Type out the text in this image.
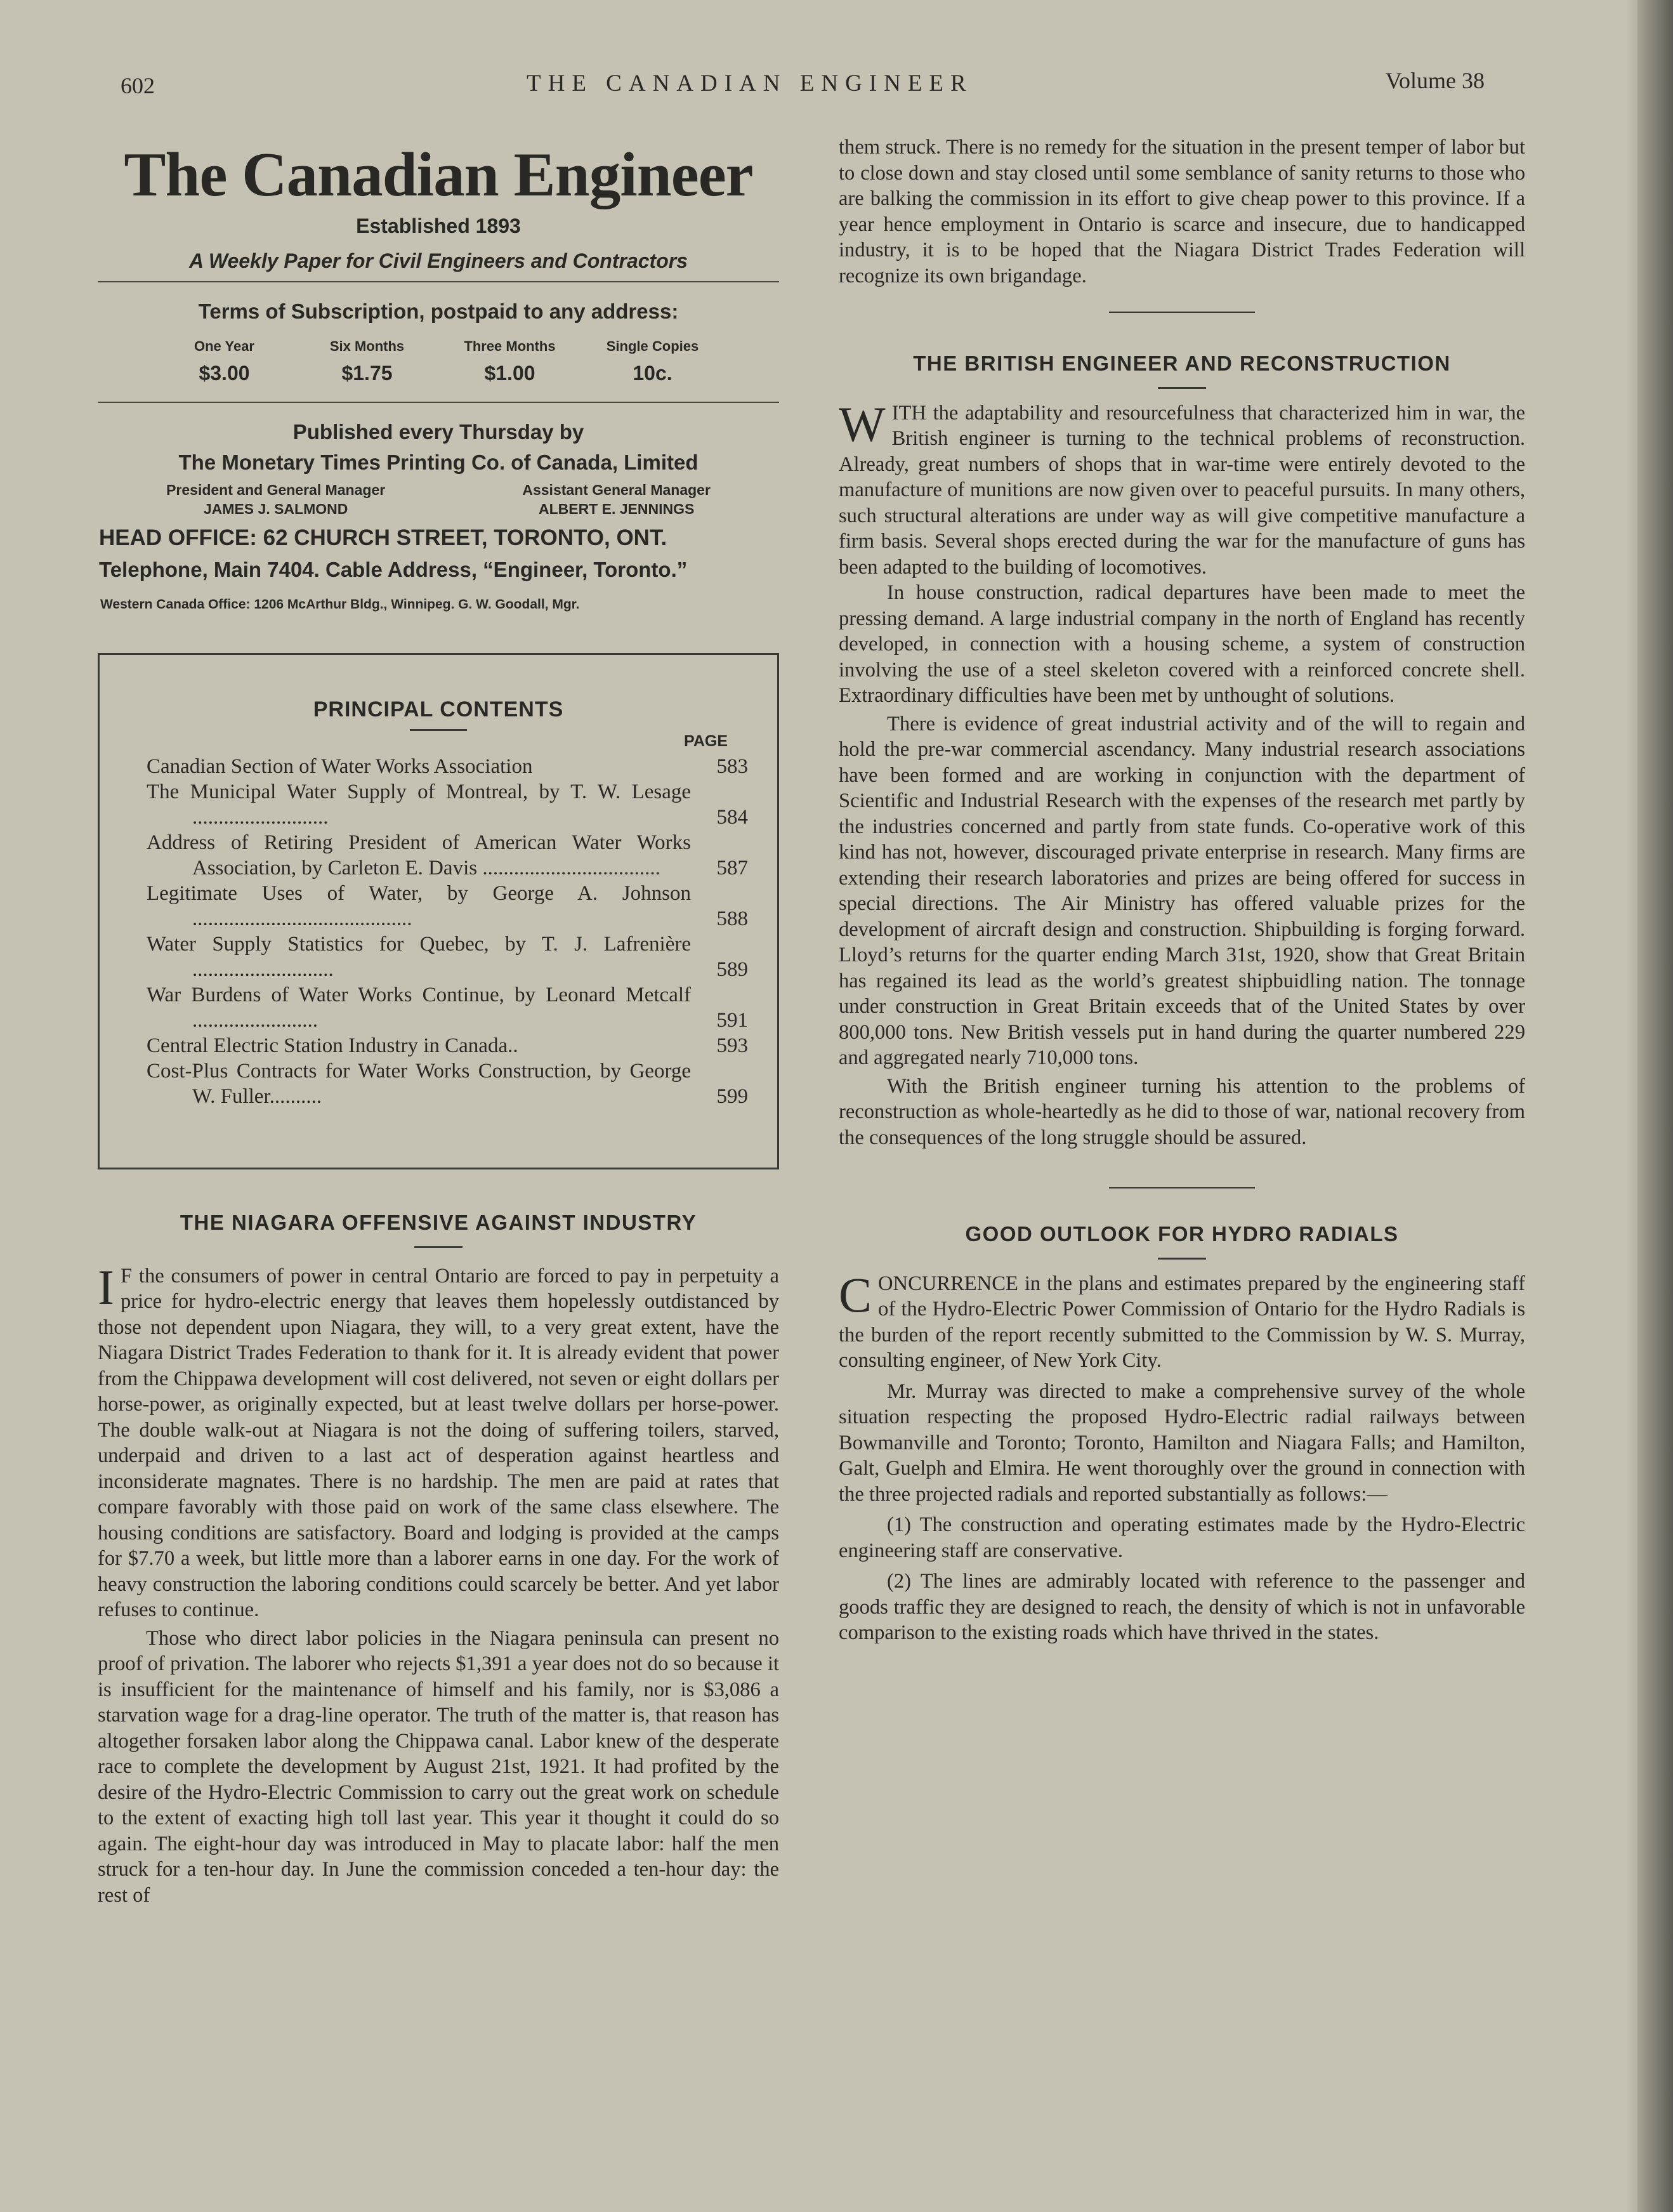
602	THE CANADIAN ENGINEER	Volume 38
The Canadian Engineer
Established 1893
A Weekly Paper for Civil Engineers and Contractors
Terms of Subscription, postpaid to any address:
One Year
$3.00
Six Months
$1.75
Three Months
$1.00
Single Copies
10c.
Published every Thursday by
The Monetary Times Printing Co. of Canada, Limited
President and General Manager
JAMES J. SALMOND
Assistant General Manager
ALBERT E. JENNINGS
HEAD OFFICE: 62 CHURCH STREET, TORONTO, ONT.
Telephone, Main 7404. Cable Address, “Engineer, Toronto.”
Western Canada Office: 1206 McArthur Bldg., Winnipeg. G. W. Goodall, Mgr.
PRINCIPAL CONTENTS
PAGE
Canadian Section of Water Works Association	583
The Municipal Water Supply of Montreal, by T. W. Lesage ..........................	584
Address of Retiring President of American Water Works Association, by Carleton E. Davis ..................................	587
Legitimate Uses of Water, by George A. Johnson ..........................................	588
Water Supply Statistics for Quebec, by T. J. Lafrenière ...........................	589
War Burdens of Water Works Continue, by Leonard Metcalf ........................	591
Central Electric Station Industry in Canada..	593
Cost-Plus Contracts for Water Works Construction, by George W. Fuller..........	599
THE NIAGARA OFFENSIVE AGAINST INDUSTRY

I F the consumers of power in central Ontario are forced to pay in perpetuity a price for hydro-electric energy that leaves them hopelessly outdistanced by those not dependent upon Niagara, they will, to a very great extent, have the Niagara District Trades Federation to thank for it. It is already evident that power from the Chippawa development will cost delivered, not seven or eight dollars per horse-power, as originally expected, but at least twelve dollars per horse-power. The double walk-out at Niagara is not the doing of suffering toilers, starved, underpaid and driven to a last act of desperation against heartless and inconsiderate magnates. There is no hardship. The men are paid at rates that compare favorably with those paid on work of the same class elsewhere. The housing conditions are satisfactory. Board and lodging is provided at the camps for $7.70 a week, but little more than a laborer earns in one day. For the work of heavy construction the laboring conditions could scarcely be better. And yet labor refuses to continue.

Those who direct labor policies in the Niagara peninsula can present no proof of privation. The laborer who rejects $1,391 a year does not do so because it is insufficient for the maintenance of himself and his family, nor is $3,086 a starvation wage for a drag-line operator. The truth of the matter is, that reason has altogether forsaken labor along the Chippawa canal. Labor knew of the desperate race to complete the development by August 21st, 1921. It had profited by the desire of the Hydro-Electric Commission to carry out the great work on schedule to the extent of exacting high toll last year. This year it thought it could do so again. The eight-hour day was introduced in May to placate labor: half the men struck for a ten-hour day. In June the commission conceded a ten-hour day: the rest of

them struck. There is no remedy for the situation in the present temper of labor but to close down and stay closed until some semblance of sanity returns to those who are balking the commission in its effort to give cheap power to this province. If a year hence employment in Ontario is scarce and insecure, due to handicapped industry, it is to be hoped that the Niagara District Trades Federation will recognize its own brigandage.

THE BRITISH ENGINEER AND RECONSTRUCTION

WITH the adaptability and resourcefulness that characterized him in war, the British engineer is turning to the technical problems of reconstruction. Already, great numbers of shops that in war-time were entirely devoted to the manufacture of munitions are now given over to peaceful pursuits. In many others, such structural alterations are under way as will give competitive manufacture a firm basis. Several shops erected during the war for the manufacture of guns has been adapted to the building of locomotives.

In house construction, radical departures have been made to meet the pressing demand. A large industrial company in the north of England has recently developed, in connection with a housing scheme, a system of construction involving the use of a steel skeleton covered with a reinforced concrete shell. Extraordinary difficulties have been met by unthought of solutions.

There is evidence of great industrial activity and of the will to regain and hold the pre-war commercial ascendancy. Many industrial research associations have been formed and are working in conjunction with the department of Scientific and Industrial Research with the expenses of the research met partly by the industries concerned and partly from state funds. Co-operative work of this kind has not, however, discouraged private enterprise in research. Many firms are extending their research laboratories and prizes are being offered for success in special directions. The Air Ministry has offered valuable prizes for the development of aircraft design and construction. Shipbuilding is forging forward. Lloyd’s returns for the quarter ending March 31st, 1920, show that Great Britain has regained its lead as the world’s greatest shipbuidling nation. The tonnage under construction in Great Britain exceeds that of the United States by over 800,000 tons. New British vessels put in hand during the quarter numbered 229 and aggregated nearly 710,000 tons.

With the British engineer turning his attention to the problems of reconstruction as whole-heartedly as he did to those of war, national recovery from the consequences of the long struggle should be assured.

GOOD OUTLOOK FOR HYDRO RADIALS

CONCURRENCE in the plans and estimates prepared by the engineering staff of the Hydro-Electric Power Commission of Ontario for the Hydro Radials is the burden of the report recently submitted to the Commission by W. S. Murray, consulting engineer, of New York City.

Mr. Murray was directed to make a comprehensive survey of the whole situation respecting the proposed Hydro-Electric radial railways between Bowmanville and Toronto; Toronto, Hamilton and Niagara Falls; and Hamilton, Galt, Guelph and Elmira. He went thoroughly over the ground in connection with the three projected radials and reported substantially as follows:—

(1) The construction and operating estimates made by the Hydro-Electric engineering staff are conservative.

(2) The lines are admirably located with reference to the passenger and goods traffic they are designed to reach, the density of which is not in unfavorable comparison to the existing roads which have thrived in the states.
